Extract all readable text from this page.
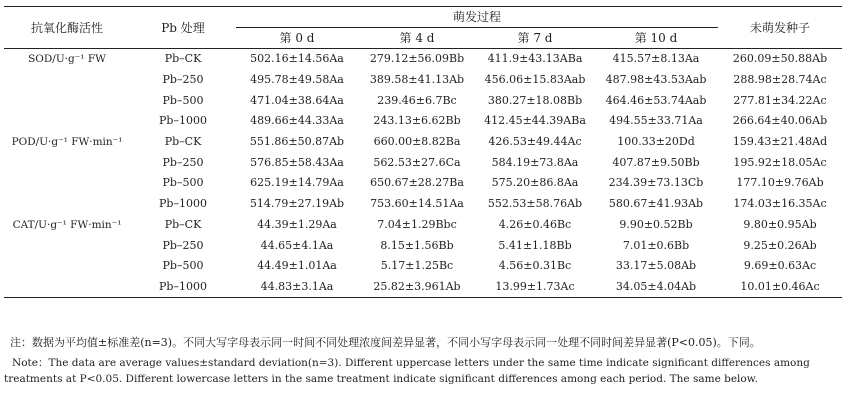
抗氧化酶活性	Pb 处理	萌发过程				未萌发种子
		第 0 d	第 4 d	第 7 d	第 10 d	
SOD/U·g⁻¹ FW	Pb–CK	502.16±14.56Aa	279.12±56.09Bb	411.9±43.13ABa	415.57±8.13Aa	260.09±50.88Ab
	Pb–250	495.78±49.58Aa	389.58±41.13Ab	456.06±15.83Aab	487.98±43.53Aab	288.98±28.74Ac
	Pb–500	471.04±38.64Aa	239.46±6.7Bc	380.27±18.08Bb	464.46±53.74Aab	277.81±34.22Ac
	Pb–1000	489.66±44.33Aa	243.13±6.62Bb	412.45±44.39ABa	494.55±33.71Aa	266.64±40.06Ab
POD/U·g⁻¹ FW·min⁻¹	Pb–CK	551.86±50.87Ab	660.00±8.82Ba	426.53±49.44Ac	100.33±20Dd	159.43±21.48Ad
	Pb–250	576.85±58.43Aa	562.53±27.6Ca	584.19±73.8Aa	407.87±9.50Bb	195.92±18.05Ac
	Pb–500	625.19±14.79Aa	650.67±28.27Ba	575.20±86.8Aa	234.39±73.13Cb	177.10±9.76Ab
	Pb–1000	514.79±27.19Ab	753.60±14.51Aa	552.53±58.76Ab	580.67±41.93Ab	174.03±16.35Ac
CAT/U·g⁻¹ FW·min⁻¹	Pb–CK	44.39±1.29Aa	7.04±1.29Bbc	4.26±0.46Bc	9.90±0.52Bb	9.80±0.95Ab
	Pb–250	44.65±4.1Aa	8.15±1.56Bb	5.41±1.18Bb	7.01±0.6Bb	9.25±0.26Ab
	Pb–500	44.49±1.01Aa	5.17±1.25Bc	4.56±0.31Bc	33.17±5.08Ab	9.69±0.63Ac
	Pb–1000	44.83±3.1Aa	25.82±3.961Ab	13.99±1.73Ac	34.05±4.04Ab	10.01±0.46Ac

注：数据为平均值±标准差(n=3)。不同大写字母表示同一时间不同处理浓度间差异显著，不同小写字母表示同一处理不同时间差异显著(P<0.05)。下同。

Note：The data are average values±standard deviation(n=3). Different uppercase letters under the same time indicate significant differences among treatments at P<0.05. Different lowercase letters in the same treatment indicate significant differences among each period. The same below.
